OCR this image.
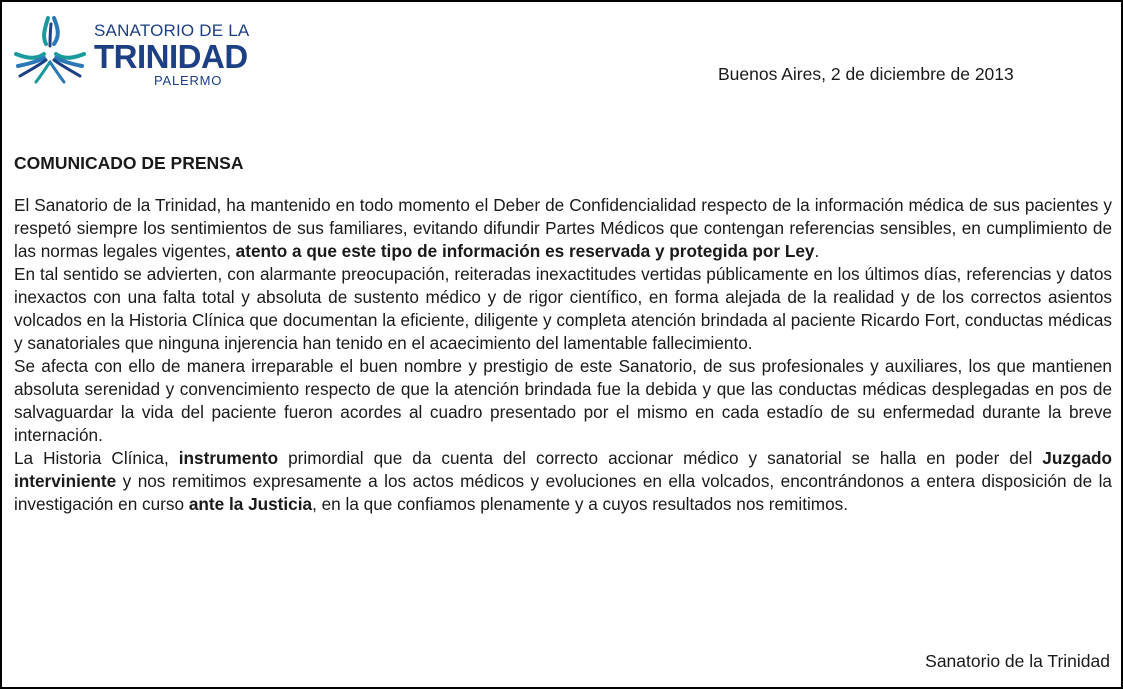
SANATORIO DE LA
TRINIDAD
PALERMO	Buenos Aires, 2 de diciembre de 2013
COMUNICADO DE PRENSA

El Sanatorio de la Trinidad, ha mantenido en todo momento el Deber de Confidencialidad respecto de la información médica de sus pacientes y respetó siempre los sentimientos de sus familiares, evitando difundir Partes Médicos que contengan referencias sensibles, en cumplimiento de las normas legales vigentes, atento a que este tipo de información es reservada y protegida por Ley.

En tal sentido se advierten, con alarmante preocupación, reiteradas inexactitudes vertidas públicamente en los últimos días, referencias y datos inexactos con una falta total y absoluta de sustento médico y de rigor científico, en forma alejada de la realidad y de los correctos asientos volcados en la Historia Clínica que documentan la eficiente, diligente y completa atención brindada al paciente Ricardo Fort, conductas médicas y sanatoriales que ninguna injerencia han tenido en el acaecimiento del lamentable fallecimiento.

Se afecta con ello de manera irreparable el buen nombre y prestigio de este Sanatorio, de sus profesionales y auxiliares, los que mantienen absoluta serenidad y convencimiento respecto de que la atención brindada fue la debida y que las conductas médicas desplegadas en pos de salvaguardar la vida del paciente fueron acordes al cuadro presentado por el mismo en cada estadío de su enfermedad durante la breve internación.

La Historia Clínica, instrumento primordial que da cuenta del correcto accionar médico y sanatorial se halla en poder del Juzgado interviniente y nos remitimos expresamente a los actos médicos y evoluciones en ella volcados, encontrándonos a entera disposición de la investigación en curso ante la Justicia, en la que confiamos plenamente y a cuyos resultados nos remitimos.

Sanatorio de la Trinidad
